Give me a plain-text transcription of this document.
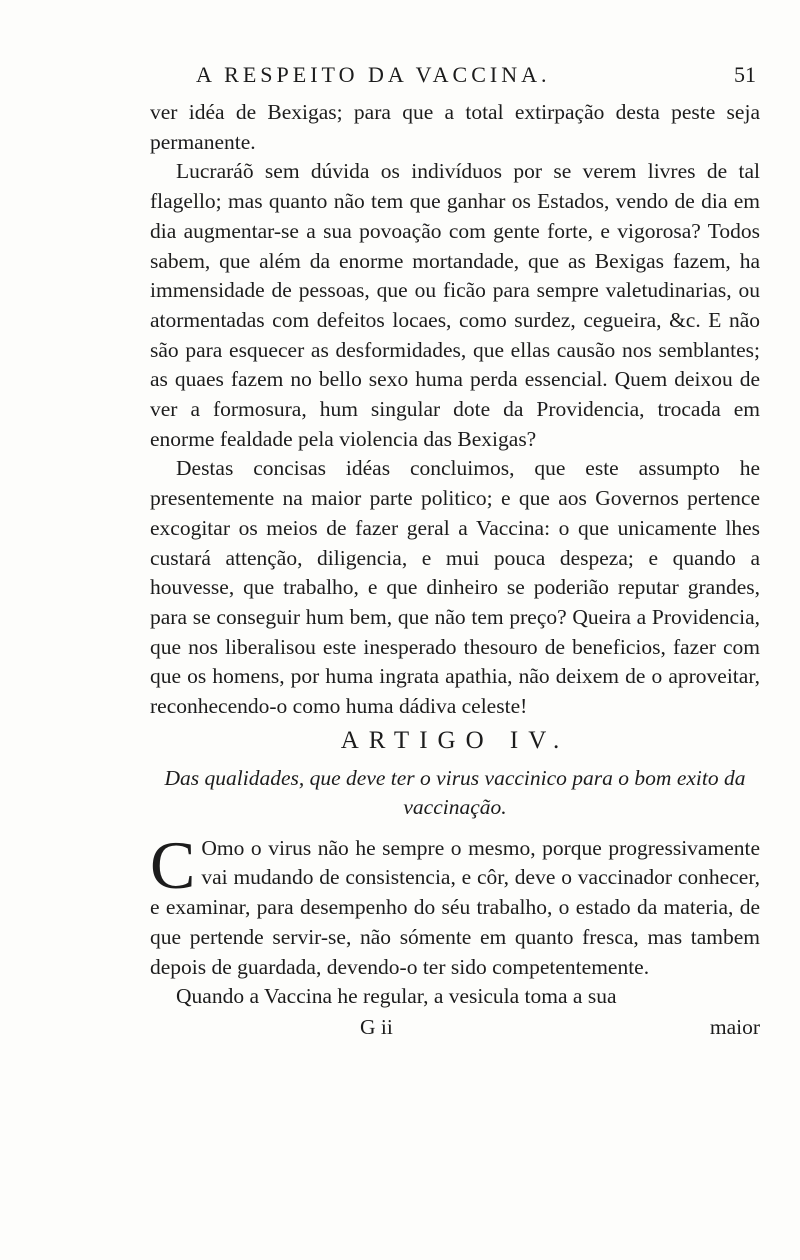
A RESPEITO DA VACCINA.	51

ver idéa de Bexigas; para que a total extirpação desta peste seja permanente.

Lucraráõ sem dúvida os indivíduos por se verem livres de tal flagello; mas quanto não tem que ganhar os Estados, vendo de dia em dia augmentar-se a sua povoação com gente forte, e vigorosa? Todos sabem, que além da enorme mortandade, que as Bexigas fazem, ha immensidade de pessoas, que ou ficão para sempre valetudinarias, ou atormentadas com defeitos locaes, como surdez, cegueira, &c. E não são para esquecer as desformidades, que ellas causão nos semblantes; as quaes fazem no bello sexo huma perda essencial. Quem deixou de ver a formosura, hum singular dote da Providencia, trocada em enorme fealdade pela violencia das Bexigas?

Destas concisas idéas concluimos, que este assumpto he presentemente na maior parte politico; e que aos Governos pertence excogitar os meios de fazer geral a Vaccina: o que unicamente lhes custará attenção, diligencia, e mui pouca despeza; e quando a houvesse, que trabalho, e que dinheiro se poderião reputar grandes, para se conseguir hum bem, que não tem preço? Queira a Providencia, que nos liberalisou este inesperado thesouro de beneficios, fazer com que os homens, por huma ingrata apathia, não deixem de o aproveitar, reconhecendo-o como huma dádiva celeste!

ARTIGO IV.
Das qualidades, que deve ter o virus vaccinico para o bom exito da vaccinação.

C Omo o virus não he sempre o mesmo, porque progressivamente vai mudando de consistencia, e côr, deve o vaccinador conhecer, e examinar, para desempenho do séu trabalho, o estado da materia, de que pertende servir-se, não sómente em quanto fresca, mas tambem depois de guardada, devendo-o ter sido competentemente.

Quando a Vaccina he regular, a vesicula toma a sua

G ii	maior
